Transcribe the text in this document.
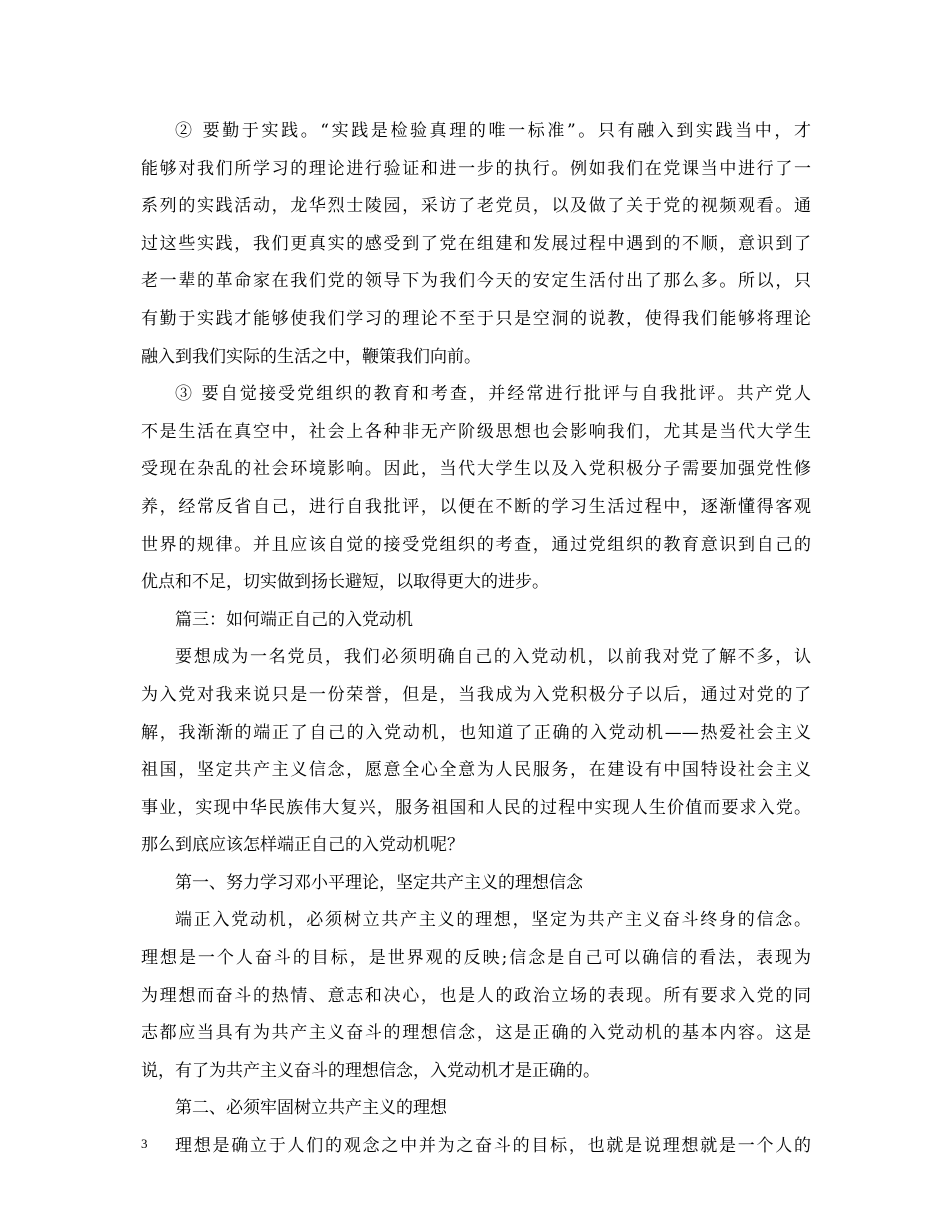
② 要勤于实践。“实践是检验真理的唯一标准”。只有融入到实践当中，才
能够对我们所学习的理论进行验证和进一步的执行。例如我们在党课当中进行了一
系列的实践活动，龙华烈士陵园，采访了老党员，以及做了关于党的视频观看。通
过这些实践，我们更真实的感受到了党在组建和发展过程中遇到的不顺，意识到了
老一辈的革命家在我们党的领导下为我们今天的安定生活付出了那么多。所以，只
有勤于实践才能够使我们学习的理论不至于只是空洞的说教，使得我们能够将理论
融入到我们实际的生活之中，鞭策我们向前。
③ 要自觉接受党组织的教育和考查，并经常进行批评与自我批评。共产党人
不是生活在真空中，社会上各种非无产阶级思想也会影响我们，尤其是当代大学生
受现在杂乱的社会环境影响。因此，当代大学生以及入党积极分子需要加强党性修
养，经常反省自己，进行自我批评，以便在不断的学习生活过程中，逐渐懂得客观
世界的规律。并且应该自觉的接受党组织的考查，通过党组织的教育意识到自己的
优点和不足，切实做到扬长避短，以取得更大的进步。
篇三：如何端正自己的入党动机
要想成为一名党员，我们必须明确自己的入党动机，以前我对党了解不多，认
为入党对我来说只是一份荣誉，但是，当我成为入党积极分子以后，通过对党的了
解，我渐渐的端正了自己的入党动机，也知道了正确的入党动机——热爱社会主义
祖国，坚定共产主义信念，愿意全心全意为人民服务，在建设有中国特设社会主义
事业，实现中华民族伟大复兴，服务祖国和人民的过程中实现人生价值而要求入党。
那么到底应该怎样端正自己的入党动机呢？
第一、努力学习邓小平理论，坚定共产主义的理想信念
端正入党动机，必须树立共产主义的理想，坚定为共产主义奋斗终身的信念。
理想是一个人奋斗的目标，是世界观的反映;信念是自己可以确信的看法，表现为
为理想而奋斗的热情、意志和决心，也是人的政治立场的表现。所有要求入党的同
志都应当具有为共产主义奋斗的理想信念，这是正确的入党动机的基本内容。这是
说，有了为共产主义奋斗的理想信念，入党动机才是正确的。
第二、必须牢固树立共产主义的理想
理想是确立于人们的观念之中并为之奋斗的目标，也就是说理想就是一个人的
3
